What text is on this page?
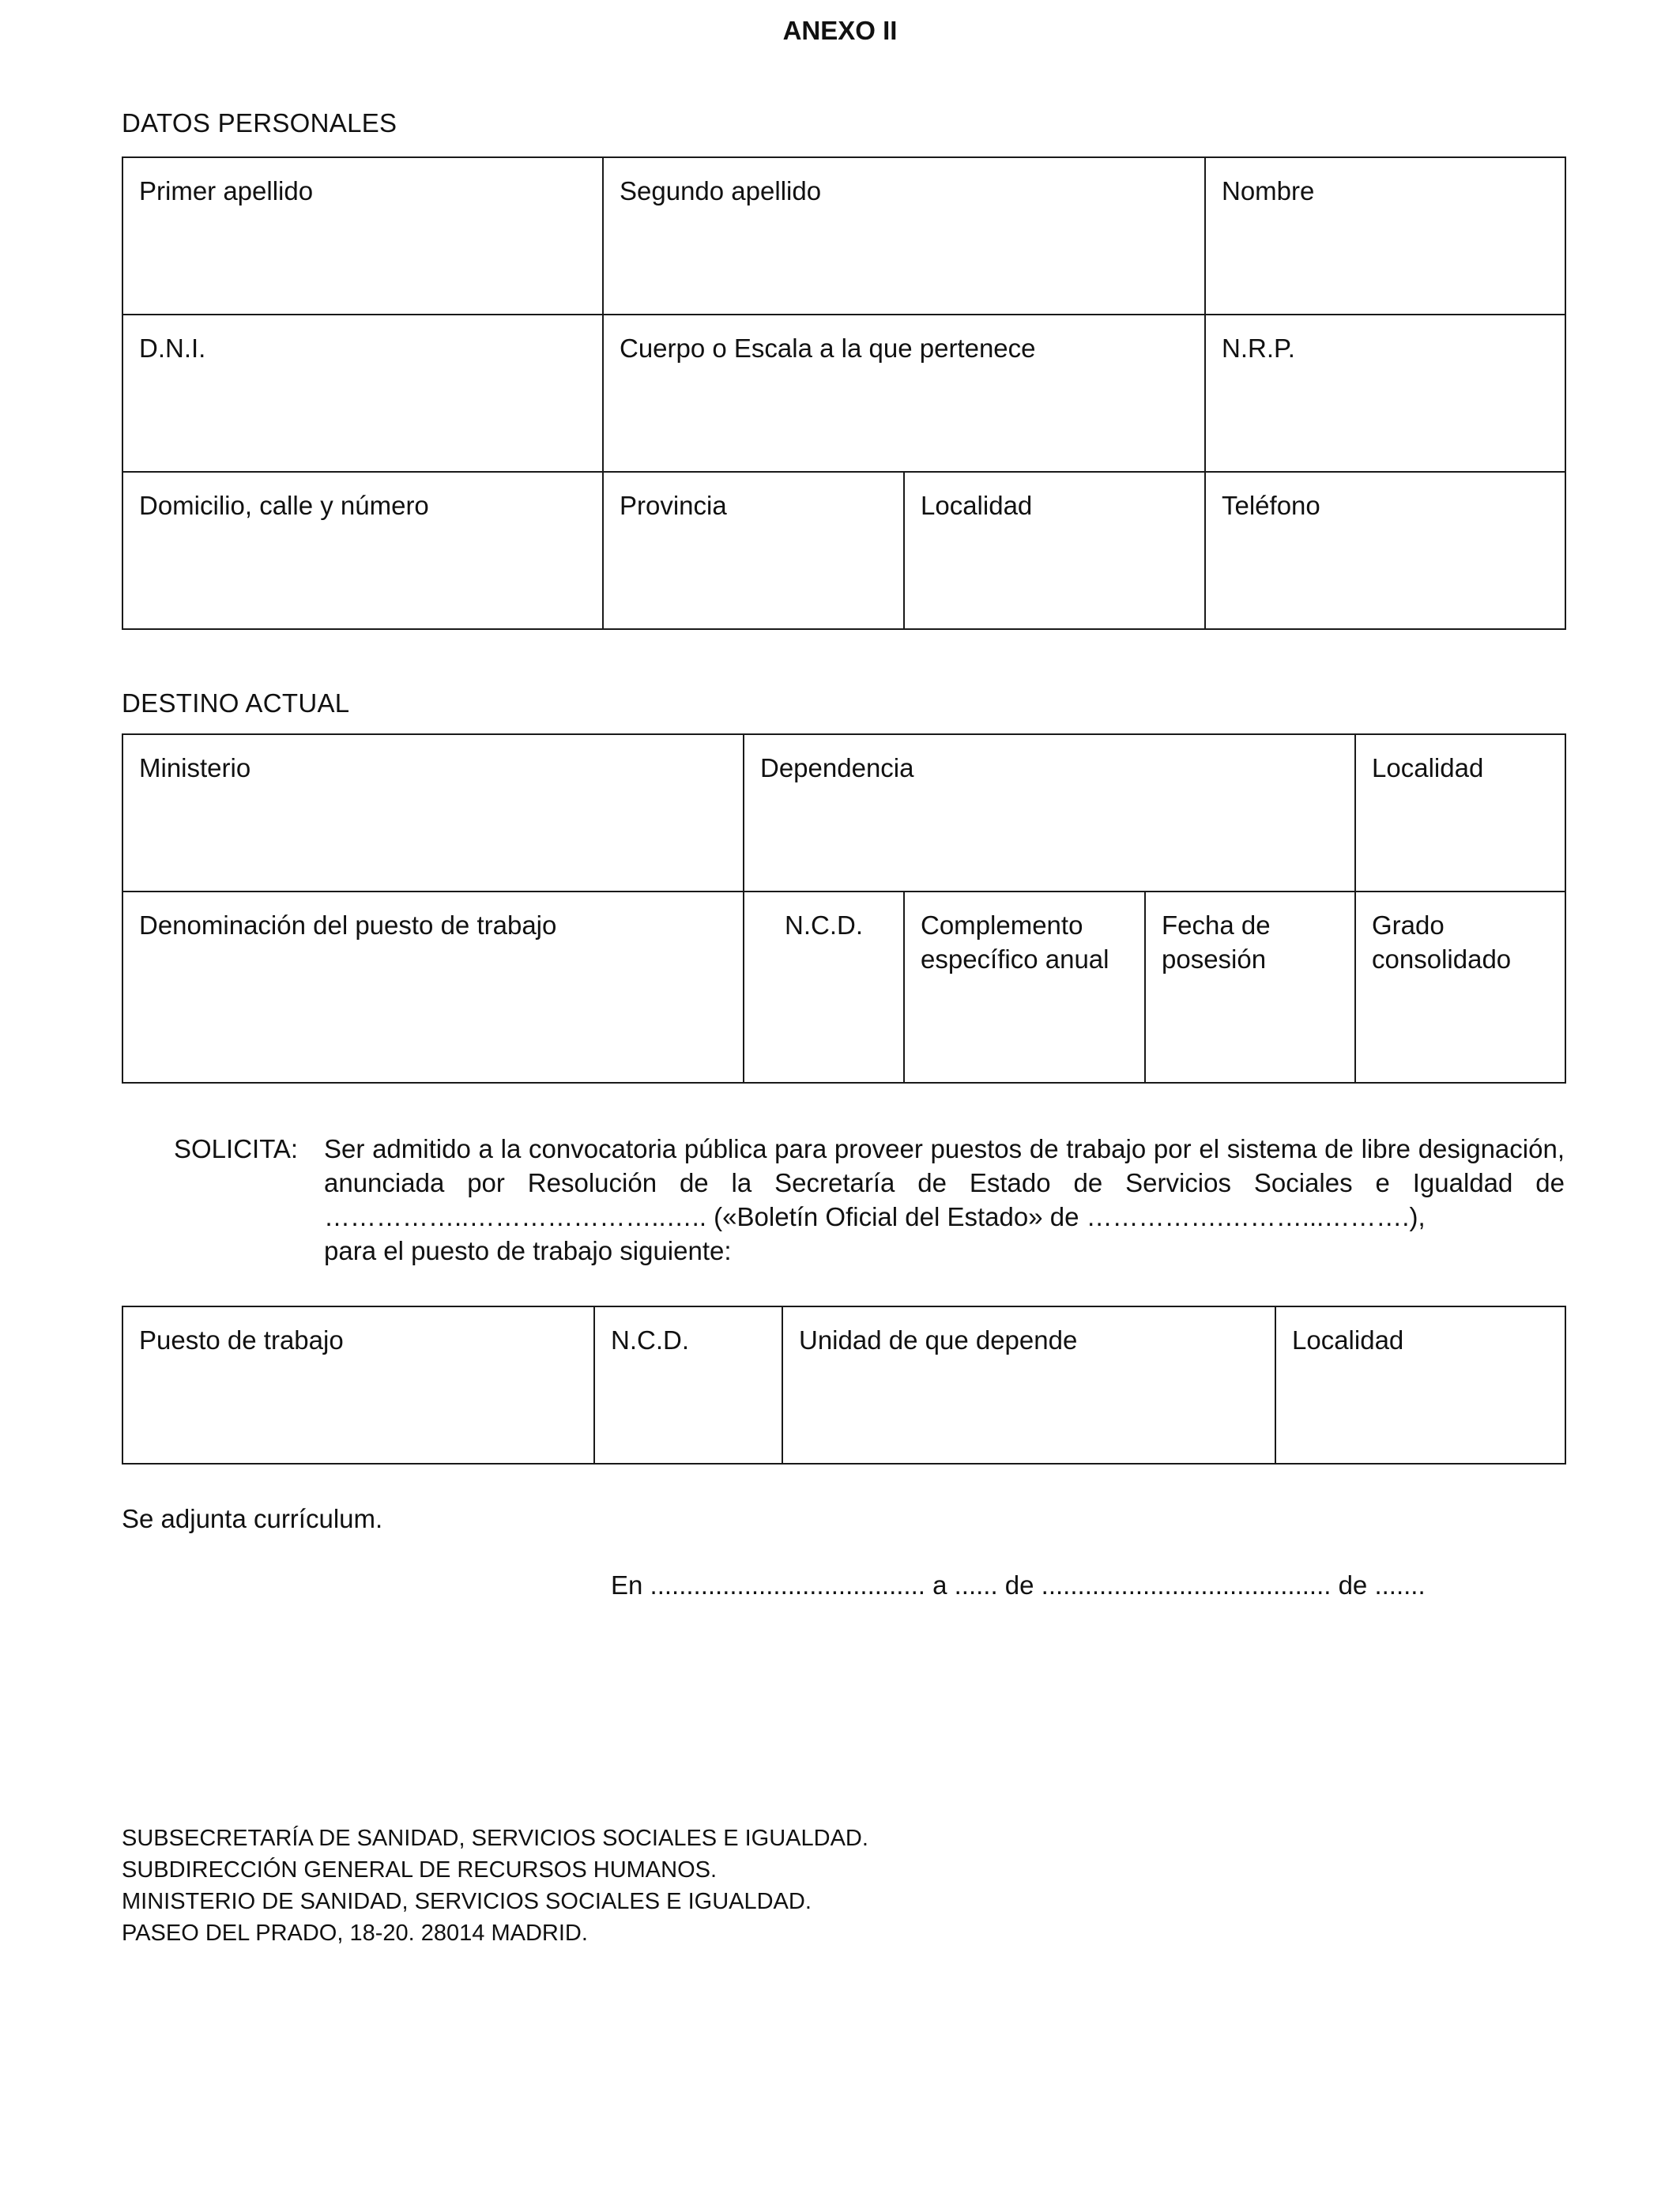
ANEXO II
DATOS PERSONALES
Primer apellido	Segundo apellido		Nombre
D.N.I.	Cuerpo o Escala a la que pertenece		N.R.P.
Domicilio, calle y número	Provincia	Localidad	Teléfono
DESTINO ACTUAL
Ministerio	Dependencia			Localidad
Denominación del puesto de trabajo	N.C.D.	Complemento específico anual	Fecha de posesión	Grado consolidado
SOLICITA: Ser admitido a la convocatoria pública para proveer puestos de trabajo por el sistema de libre designación, anunciada por Resolución de la Secretaría de Estado de Servicios Sociales e Igualdad de ……………..…………………..….. («Boletín Oficial del Estado» de …………….………...……….),
para el puesto de trabajo siguiente:
Puesto de trabajo	N.C.D.	Unidad de que depende	Localidad
Se adjunta currículum.
En ...................................... a ...... de ........................................ de .......
SUBSECRETARÍA DE SANIDAD, SERVICIOS SOCIALES E IGUALDAD.
SUBDIRECCIÓN GENERAL DE RECURSOS HUMANOS.
MINISTERIO DE SANIDAD, SERVICIOS SOCIALES E IGUALDAD.
PASEO DEL PRADO, 18-20. 28014 MADRID.
